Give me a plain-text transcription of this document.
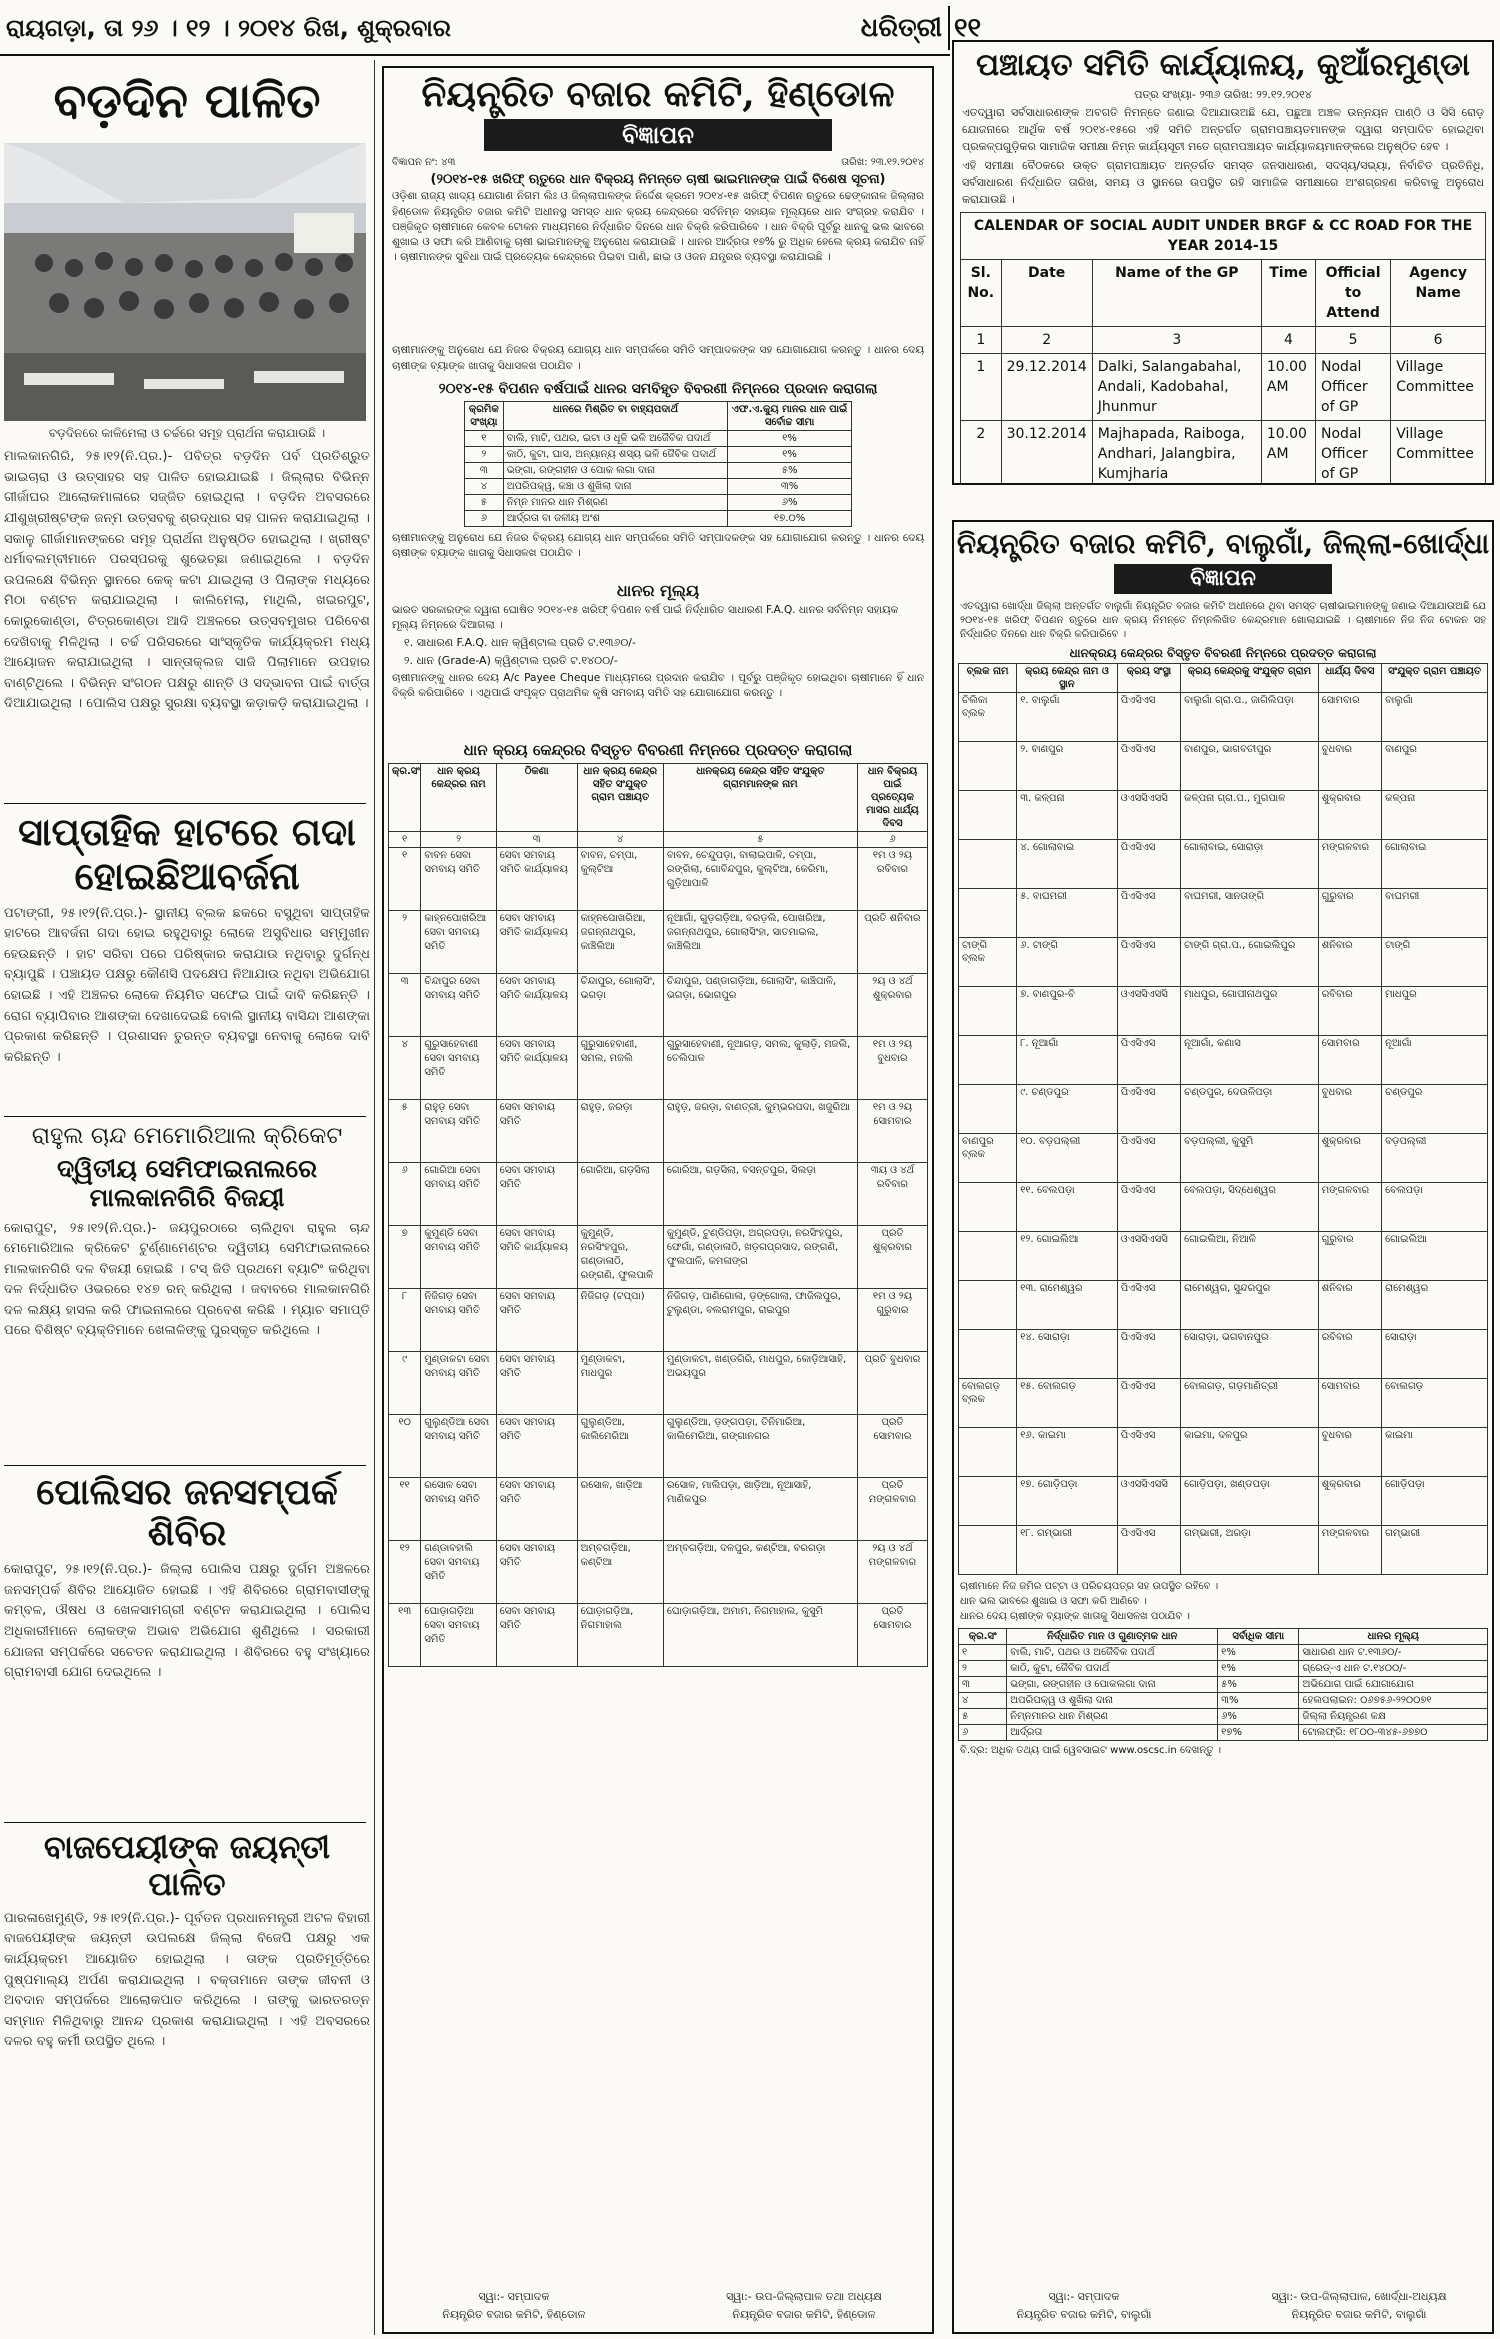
ରାୟଗଡ଼ା, ତା ୨୬ । ୧୨ । ୨୦୧୪ ରିଖ, ଶୁକ୍ରବାର	ଧରିତ୍ରୀ ୧୧
ବଡ଼ଦିନ ପାଳିତ
ବଡ଼ଦିନରେ କାଳିମେଲା ଓ ଚର୍ଚ୍ଚରେ ସମୂହ ପ୍ରାର୍ଥନା କରାଯାଉଛି ।
ମାଲକାନଗିରି, ୨୫।୧୨(ନି.ପ୍ର.)- ପବିତ୍ର ବଡ଼ଦିନ ପର୍ବ ପ୍ରତିଶ୍ରୁତ ଭାଇଚାରା ଓ ଉତ୍ସାହର ସହ ପାଳିତ ହୋଇଯାଇଛି । ଜିଲ୍ଲାର ବିଭିନ୍ନ ଗୀର୍ଜାଘର ଆଲୋକମାଳାରେ ସଜ୍ଜିତ ହୋଇଥିଲା । ବଡ଼ଦିନ ଅବସରରେ ଯୀଶୁଖ୍ରୀଷ୍ଟଙ୍କ ଜନ୍ମ ଉତ୍ସବକୁ ଶ୍ରଦ୍ଧାର ସହ ପାଳନ କରାଯାଇଥିଲା । ସକାଳୁ ଗୀର୍ଜାମାନଙ୍କରେ ସମୂହ ପ୍ରାର୍ଥନା ଅନୁଷ୍ଠିତ ହୋଇଥିଲା । ଖ୍ରୀଷ୍ଟ ଧର୍ମାବଲମ୍ବୀମାନେ ପରସ୍ପରକୁ ଶୁଭେଚ୍ଛା ଜଣାଇଥିଲେ । ବଡ଼ଦିନ ଉପଲକ୍ଷେ ବିଭିନ୍ନ ସ୍ଥାନରେ କେକ୍ କଟା ଯାଇଥିଲା ଓ ପିଲାଙ୍କ ମଧ୍ୟରେ ମିଠା ବଣ୍ଟନ କରାଯାଇଥିଲା । କାଲିମେଲା, ମାଥିଲି, ଖଇରପୁଟ, କୋରୁକୋଣ୍ଡା, ଚିତ୍ରକୋଣ୍ଡା ଆଦି ଅଞ୍ଚଳରେ ଉତ୍ସବମୁଖର ପରିବେଶ ଦେଖିବାକୁ ମିଳିଥିଲା । ଚର୍ଚ୍ଚ ପରିସରରେ ସାଂସ୍କୃତିକ କାର୍ଯ୍ୟକ୍ରମ ମଧ୍ୟ ଆୟୋଜନ କରାଯାଇଥିଲା । ସାନ୍ତାକ୍ଲଜ ସାଜି ପିଲାମାନେ ଉପହାର ବାଣ୍ଟିଥିଲେ । ବିଭିନ୍ନ ସଂଗଠନ ପକ୍ଷରୁ ଶାନ୍ତି ଓ ସଦ୍ଭାବନା ପାଇଁ ବାର୍ତ୍ତା ଦିଆଯାଇଥିଲା । ପୋଲିସ ପକ୍ଷରୁ ସୁରକ୍ଷା ବ୍ୟବସ୍ଥା କଡ଼ାକଡ଼ି କରାଯାଇଥିଲା ।
ସାପ୍ତାହିକ ହାଟରେ ଗଦା ହୋଇଛିଆବର୍ଜନା
ପଟାଙ୍ଗୀ, ୨୫।୧୨(ନି.ପ୍ର.)- ସ୍ଥାନୀୟ ବ୍ଲକ ଛକରେ ବସୁଥିବା ସାପ୍ତାହିକ ହାଟରେ ଆବର୍ଜନା ଗଦା ହୋଇ ରହୁଥିବାରୁ ଲୋକେ ଅସୁବିଧାର ସମ୍ମୁଖୀନ ହେଉଛନ୍ତି । ହାଟ ସରିବା ପରେ ପରିଷ୍କାର କରାଯାଉ ନଥିବାରୁ ଦୁର୍ଗନ୍ଧ ବ୍ୟାପୁଛି । ପଞ୍ଚାୟତ ପକ୍ଷରୁ କୌଣସି ପଦକ୍ଷେପ ନିଆଯାଉ ନଥିବା ଅଭିଯୋଗ ହୋଇଛି । ଏହି ଅଞ୍ଚଳର ଲୋକେ ନିୟମିତ ସଫେଇ ପାଇଁ ଦାବି କରିଛନ୍ତି । ରୋଗ ବ୍ୟାପିବାର ଆଶଙ୍କା ଦେଖାଦେଇଛି ବୋଲି ସ୍ଥାନୀୟ ବାସିନ୍ଦା ଆଶଙ୍କା ପ୍ରକାଶ କରିଛନ୍ତି । ପ୍ରଶାସନ ତୁରନ୍ତ ବ୍ୟବସ୍ଥା ନେବାକୁ ଲୋକେ ଦାବି କରିଛନ୍ତି ।
ରାହୁଲ ଚାନ୍ଦ ମେମୋରିଆଲ କ୍ରିକେଟ
ଦ୍ୱିତୀୟ ସେମିଫାଇନାଲରେ ମାଲକାନଗିରି ବିଜୟୀ
କୋରାପୁଟ, ୨୫।୧୨(ନି.ପ୍ର.)- ଜୟପୁରଠାରେ ଚାଲିଥିବା ରାହୁଲ ଚାନ୍ଦ ମେମୋରିଆଲ କ୍ରିକେଟ ଟୁର୍ଣ୍ଣାମେଣ୍ଟର ଦ୍ୱିତୀୟ ସେମିଫାଇନାଲରେ ମାଲକାନଗିରି ଦଳ ବିଜୟୀ ହୋଇଛି । ଟସ୍ ଜିତି ପ୍ରଥମେ ବ୍ୟାଟିଂ କରିଥିବା ଦଳ ନିର୍ଦ୍ଧାରିତ ଓଭରରେ ୧୪୭ ରନ୍ କରିଥିଲା । ଜବାବରେ ମାଲକାନଗିରି ଦଳ ଲକ୍ଷ୍ୟ ହାସଲ କରି ଫାଇନାଲରେ ପ୍ରବେଶ କରିଛି । ମ୍ୟାଚ ସମାପ୍ତି ପରେ ବିଶିଷ୍ଟ ବ୍ୟକ୍ତିମାନେ ଖେଳାଳିଙ୍କୁ ପୁରସ୍କୃତ କରିଥିଲେ ।
ପୋଲିସର ଜନସମ୍ପର୍କ ଶିବିର
କୋରାପୁଟ, ୨୫।୧୨(ନି.ପ୍ର.)- ଜିଲ୍ଲା ପୋଲିସ ପକ୍ଷରୁ ଦୁର୍ଗମ ଅଞ୍ଚଳରେ ଜନସମ୍ପର୍କ ଶିବିର ଆୟୋଜିତ ହୋଇଛି । ଏହି ଶିବିରରେ ଗ୍ରାମବାସୀଙ୍କୁ କମ୍ବଳ, ଔଷଧ ଓ ଖେଳସାମଗ୍ରୀ ବଣ୍ଟନ କରାଯାଇଥିଲା । ପୋଲିସ ଅଧିକାରୀମାନେ ଲୋକଙ୍କ ଅଭାବ ଅଭିଯୋଗ ଶୁଣିଥିଲେ । ସରକାରୀ ଯୋଜନା ସମ୍ପର୍କରେ ସଚେତନ କରାଯାଇଥିଲା । ଶିବିରରେ ବହୁ ସଂଖ୍ୟାରେ ଗ୍ରାମବାସୀ ଯୋଗ ଦେଇଥିଲେ ।
ବାଜପେୟୀଙ୍କ ଜୟନ୍ତୀ ପାଳିତ
ପାରଳାଖେମୁଣ୍ଡି, ୨୫।୧୨(ନି.ପ୍ର.)- ପୂର୍ବତନ ପ୍ରଧାନମନ୍ତ୍ରୀ ଅଟଳ ବିହାରୀ ବାଜପେୟୀଙ୍କ ଜୟନ୍ତୀ ଉପଲକ୍ଷେ ଜିଲ୍ଲା ବିଜେପି ପକ୍ଷରୁ ଏକ କାର୍ଯ୍ୟକ୍ରମ ଆୟୋଜିତ ହୋଇଥିଲା । ତାଙ୍କ ପ୍ରତିମୂର୍ତ୍ତିରେ ପୁଷ୍ପମାଲ୍ୟ ଅର୍ପଣ କରାଯାଇଥିଲା । ବକ୍ତାମାନେ ତାଙ୍କ ଜୀବନୀ ଓ ଅବଦାନ ସମ୍ପର୍କରେ ଆଲୋକପାତ କରିଥିଲେ । ତାଙ୍କୁ ଭାରତରତ୍ନ ସମ୍ମାନ ମିଳିଥିବାରୁ ଆନନ୍ଦ ପ୍ରକାଶ କରାଯାଇଥିଲା । ଏହି ଅବସରରେ ଦଳର ବହୁ କର୍ମୀ ଉପସ୍ଥିତ ଥିଲେ ।
ନିୟନ୍ତ୍ରିତ ବଜାର କମିଟି, ହିଣ୍ଡୋଳ
ବିଜ୍ଞାପନ
ବିଜ୍ଞାପନ ନଂ: ୪୩	ତାରିଖ: ୨୩.୧୨.୨୦୧୪
(୨୦୧୪-୧୫ ଖରିଫ୍ ଋତୁରେ ଧାନ ବିକ୍ରୟ ନିମନ୍ତେ ଚାଷୀ ଭାଇମାନଙ୍କ ପାଇଁ ବିଶେଷ ସୂଚନା)
ଓଡ଼ିଶା ରାଜ୍ୟ ଖାଦ୍ୟ ଯୋଗାଣ ନିଗମ ଲିଃ ଓ ଜିଲ୍ଲାପାଳଙ୍କ ନିର୍ଦ୍ଦେଶ କ୍ରମେ ୨୦୧୪-୧୫ ଖରିଫ୍ ବିପଣନ ଋତୁରେ ଢେଙ୍କାନାଳ ଜିଲ୍ଲାର ହିଣ୍ଡୋଳ ନିୟନ୍ତ୍ରିତ ବଜାର କମିଟି ଅଧୀନସ୍ଥ ସମସ୍ତ ଧାନ କ୍ରୟ କେନ୍ଦ୍ରରେ ସର୍ବନିମ୍ନ ସହାୟକ ମୂଲ୍ୟରେ ଧାନ ସଂଗ୍ରହ କରାଯିବ । ପଞ୍ଜିକୃତ ଚାଷୀମାନେ କେବଳ ଟୋକନ ମାଧ୍ୟମରେ ନିର୍ଦ୍ଧାରିତ ଦିନରେ ଧାନ ବିକ୍ରି କରିପାରିବେ । ଧାନ ବିକ୍ରି ପୂର୍ବରୁ ଧାନକୁ ଭଲ ଭାବରେ ଶୁଖାଇ ଓ ସଫା କରି ଆଣିବାକୁ ଚାଷୀ ଭାଇମାନଙ୍କୁ ଅନୁରୋଧ କରାଯାଉଛି । ଧାନର ଆର୍ଦ୍ରତା ୧୭% ରୁ ଅଧିକ ହେଲେ କ୍ରୟ କରାଯିବ ନାହିଁ । ଚାଷୀମାନଙ୍କ ସୁବିଧା ପାଇଁ ପ୍ରତ୍ୟେକ କେନ୍ଦ୍ରରେ ପିଇବା ପାଣି, ଛାଇ ଓ ଓଜନ ଯନ୍ତ୍ରର ବ୍ୟବସ୍ଥା କରାଯାଇଛି ।
ଚାଷୀମାନଙ୍କୁ ଅନୁରୋଧ ଯେ ନିଜର ବିକ୍ରୟ ଯୋଗ୍ୟ ଧାନ ସମ୍ପର୍କରେ ସମିତି ସମ୍ପାଦକଙ୍କ ସହ ଯୋଗାଯୋଗ କରନ୍ତୁ । ଧାନର ଦେୟ ଚାଷୀଙ୍କ ବ୍ୟାଙ୍କ ଖାତାକୁ ସିଧାସଳଖ ପଠାଯିବ ।
୨୦୧୪-୧୫ ବିପଣନ ବର୍ଷପାଇଁ ଧାନର ସମବିହୃତ ବିବରଣୀ ନିମ୍ନରେ ପ୍ରଦାନ କରାଗଲା
କ୍ରମିକ ସଂଖ୍ୟା	ଧାନରେ ମିଶ୍ରିତ ବା ବାହ୍ୟପଦାର୍ଥ	ଏଫ.ଏ.କ୍ୟୁ ମାନର ଧାନ ପାଇଁ ସର୍ବୋଚ୍ଚ ସୀମା
୧	ବାଲି, ମାଟି, ପଥର, ଇଟା ଓ ଧୂଳି ଭଳି ଅଜୈବିକ ପଦାର୍ଥ	୧%
୨	କାଠି, କୁଟା, ଘାସ, ଅନ୍ୟାନ୍ୟ ଶସ୍ୟ ଭଳି ଜୈବିକ ପଦାର୍ଥ	୧%
୩	ଭଙ୍ଗା, ରଙ୍ଗହୀନ ଓ ପୋକ ଲଗା ଦାନା	୫%
୪	ଅପରିପକ୍ୱ, କଞ୍ଚା ଓ ଶୁଖିଲା ଦାନା	୩%
୫	ନିମ୍ନ ମାନର ଧାନ ମିଶ୍ରଣ	୬%
୬	ଆର୍ଦ୍ରତା ବା ଜଳୀୟ ଅଂଶ	୧୭.୦%
ଚାଷୀମାନଙ୍କୁ ଅନୁରୋଧ ଯେ ନିଜର ବିକ୍ରୟ ଯୋଗ୍ୟ ଧାନ ସମ୍ପର୍କରେ ସମିତି ସମ୍ପାଦକଙ୍କ ସହ ଯୋଗାଯୋଗ କରନ୍ତୁ । ଧାନର ଦେୟ ଚାଷୀଙ୍କ ବ୍ୟାଙ୍କ ଖାତାକୁ ସିଧାସଳଖ ପଠାଯିବ ।
ଧାନର ମୂଲ୍ୟ
ଭାରତ ସରକାରଙ୍କ ଦ୍ୱାରା ଘୋଷିତ ୨୦୧୪-୧୫ ଖରିଫ୍ ବିପଣନ ବର୍ଷ ପାଇଁ ନିର୍ଦ୍ଧାରିତ ସାଧାରଣ F.A.Q. ଧାନର ସର୍ବନିମ୍ନ ସହାୟକ ମୂଲ୍ୟ ନିମ୍ନରେ ଦିଆଗଲା ।
୧. ସାଧାରଣ F.A.Q. ଧାନ କ୍ୱିଣ୍ଟାଲ ପ୍ରତି ଟ.୧୩୬୦/-
୨. ଧାନ (Grade-A) କ୍ୱିଣ୍ଟାଲ ପ୍ରତି ଟ.୧୪୦୦/-
ଚାଷୀମାନଙ୍କୁ ଧାନର ଦେୟ A/c Payee Cheque ମାଧ୍ୟମରେ ପ୍ରଦାନ କରାଯିବ । ପୂର୍ବରୁ ପଞ୍ଜିକୃତ ହୋଇଥିବା ଚାଷୀମାନେ ହିଁ ଧାନ ବିକ୍ରି କରିପାରିବେ । ଏଥିପାଇଁ ସଂପୃକ୍ତ ପ୍ରାଥମିକ କୃଷି ସମବାୟ ସମିତି ସହ ଯୋଗାଯୋଗ କରନ୍ତୁ ।
ଧାନ କ୍ରୟ କେନ୍ଦ୍ରର ବିସ୍ତୃତ ବିବରଣୀ ନିମ୍ନରେ ପ୍ରଦତ୍ତ କରାଗଲା
କ୍ର.ସଂ	ଧାନ କ୍ରୟ କେନ୍ଦ୍ରର ନାମ	ଠିକଣା	ଧାନ କ୍ରୟ କେନ୍ଦ୍ର ସହିତ ସଂଯୁକ୍ତ ଗ୍ରାମ ପଞ୍ଚାୟତ	ଧାନକ୍ରୟ କେନ୍ଦ୍ର ସହିତ ସଂଯୁକ୍ତ ଗ୍ରାମମାନଙ୍କ ନାମ	ଧାନ ବିକ୍ରୟ ପାଇଁ ପ୍ରତ୍ୟେକ ମାସର ଧାର୍ଯ୍ୟ ଦିବସ
୧	୨	୩	୪	୫	୬
୧	ବାବନ ସେବା ସମବାୟ ସମିତି	ସେବା ସମବାୟ ସମିତି କାର୍ଯ୍ୟାଳୟ	ବାବନ, ଚମ୍ପା, କୁଲ୍ଟିଆ	ବାବନ, ଚେନ୍ଦୁପଡ଼ା, ବାଲାଇପାଳି, ଚମ୍ପା, ରଙ୍ଗିଲା, ଗୋବିନ୍ଦପୁର, କୁଲ୍ଟିଆ, କେରିମା, ଗୁଡ଼ିଆପାଳି	୧ମ ଓ ୨ୟ ରବିବାର
୨	କାହ୍ନପୋଖରିଆ ସେବା ସମବାୟ ସମିତି	ସେବା ସମବାୟ ସମିତି କାର୍ଯ୍ୟାଳୟ	କାହ୍ନପୋଖରିଆ, ଜଗନ୍ନାଥପୁର, କାଞ୍ଚିଲିଆ	ନୂଆଗାଁ, ଗୁଡ଼ଗଡ଼ିଆ, ବରଡ଼ଲି, ପୋଖରିଆ, ଜଗନ୍ନାଥପୁର, ଗୋଲାସିଂହା, ସାତମାଇଲ, କାଞ୍ଚିଲିଆ	ପ୍ରତି ଶନିବାର
୩	ଚିନ୍ଦାପୁର ସେବା ସମବାୟ ସମିତି	ସେବା ସମବାୟ ସମିତି କାର୍ଯ୍ୟାଳୟ	ଚିନ୍ଦାପୁର, ଗୋଲାସିଂ, ଭଗଡ଼ା	ଚିନ୍ଦାପୁର, ପଣ୍ଡାଗଡ଼ିଆ, ଗୋଲାସିଂ, କାଞ୍ଚିପାଳି, ଭଗଡ଼ା, ଭୋଗପୁର	୨ୟ ଓ ୪ର୍ଥ ଶୁକ୍ରବାର
୪	ଗୁରୁସାହେବାଣୀ ସେବା ସମବାୟ ସମିତି	ସେବା ସମବାୟ ସମିତି କାର୍ଯ୍ୟାଳୟ	ଗୁରୁସାହେବାଣୀ, ସମଲ, ମଜଲି	ଗୁରୁସାହେବାଣୀ, ନୂଆଗଡ଼, ସମଲ, କୁଲାଡ଼ି, ମଜଲି, ତେଲିପାଳ	୧ମ ଓ ୨ୟ ବୁଧବାର
୫	ରାହୁଡ଼ ସେବା ସମବାୟ ସମିତି	ସେବା ସମବାୟ ସମିତି	ରାହୁଡ଼, ଜରଡ଼ା	ରାହୁଡ଼, ଜରଡ଼ା, ବାଣତ୍ରୀ, କୁମ୍ଭରପଦା, ଖଜୁରିଆ	୧ମ ଓ ୨ୟ ସୋମବାର
୬	ଗୋରିଆ ସେବା ସମବାୟ ସମିତି	ସେବା ସମବାୟ ସମିତି	ଗୋରିଆ, ଗଡ଼ସିଲା	ଗୋରିଆ, ଗଡ଼ସିଲା, ବସନ୍ତପୁର, ସିଲଡ଼ା	୩ୟ ଓ ୪ର୍ଥ ରବିବାର
୭	କୁମୁଣ୍ଡି ସେବା ସମବାୟ ସମିତି	ସେବା ସମବାୟ ସମିତି କାର୍ଯ୍ୟାଳୟ	କୁମୁଣ୍ଡି, ନରସିଂହପୁର, ଗଣ୍ଡାଳାଠି, ରଙ୍ଗଣି, ଫୁଲପାଳି	କୁମୁଣ୍ଡି, ଟୁଣ୍ଡିପଡ଼ା, ଅଗ୍ରପଡ଼ା, ନରସିଂହପୁର, ଫେଗାଁ, ଗଣ୍ଡାଳାଠି, ଖଡ଼ଗପ୍ରସାଦ, ରଙ୍ଗଣି, ଫୁଲପାଳି, କମଳାଙ୍ଗ	ପ୍ରତି ଶୁକ୍ରବାର
୮	ନିଜିଗଡ଼ ସେବା ସମବାୟ ସମିତି	ସେବା ସମବାୟ ସମିତି	ନିଜିଗଡ଼ (ଟପ୍ପା)	ନିଜିଗଡ଼, ପାଣିଗୋଳା, ଡ଼ଙ୍ଗୋଲା, ଫାଜିଲପୁର, ଟୁଲୁଣ୍ଡା, ବଲରାମପୁର, ରାଇପୁର	୧ମ ଓ ୨ୟ ଗୁରୁବାର
୯	ମୁଣ୍ଡାକଟା ସେବା ସମବାୟ ସମିତି	ସେବା ସମବାୟ ସମିତି	ମୁଣ୍ଡାକଟା, ମାଧପୁର	ମୁଣ୍ଡାକଟା, ଖଣ୍ଡଗିରି, ମାଧପୁର, କୋଡ଼ିଆସାହି, ଅଭୟପୁର	ପ୍ରତି ବୁଧବାର
୧୦	ଗୁଲୁଣ୍ଡିଆ ସେବା ସମବାୟ ସମିତି	ସେବା ସମବାୟ ସମିତି	ଗୁଲୁଣ୍ଡିଆ, କାଲିମେରିଆ	ଗୁଲୁଣ୍ଡିଆ, ଡ଼ଙ୍ଗପଡ଼ା, ତିନିମାରିଆ, କାଲିମେରିଆ, ଗଙ୍ଗାନଗର	ପ୍ରତି ସୋମବାର
୧୧	ରସୋଳ ସେବା ସମବାୟ ସମିତି	ସେବା ସମବାୟ ସମିତି	ରସୋଳ, ଖାଡ଼ିଆ	ରସୋଳ, ମାଲିପଡ଼ା, ଖାଡ଼ିଆ, ନୂଆସାହି, ମାଣିକପୁର	ପ୍ରତି ମଙ୍ଗଳବାର
୧୨	ଗଣ୍ଡାବହାଲି ସେବା ସମବାୟ ସମିତି	ସେବା ସମବାୟ ସମିତି	ଅମ୍ବଗଡ଼ିଆ, କଣ୍ଟିଆ	ଅମ୍ବଗଡ଼ିଆ, ଦଳପୁର, କଣ୍ଟିଆ, ବରଗଡ଼ା	୨ୟ ଓ ୪ର୍ଥ ମଙ୍ଗଳବାର
୧୩	ଘୋଡ଼ାଗଡ଼ିଆ ସେବା ସମବାୟ ସମିତି	ସେବା ସମବାୟ ସମିତି	ଘୋଡ଼ାଗଡ଼ିଆ, ନିଗମାହାଲ	ଘୋଡ଼ାଗଡ଼ିଆ, ଅମାମ, ନିଗମାହାଲ, କୁସୁମି	ପ୍ରତି ସୋମବାର
ସ୍ୱା:- ସମ୍ପାଦକ
ନିୟନ୍ତ୍ରିତ ବଜାର କମିଟି, ହିଣ୍ଡୋଳ
ସ୍ୱା:- ଉପ-ଜିଲ୍ଲାପାଳ ତଥା ଅଧ୍ୟକ୍ଷ
ନିୟନ୍ତ୍ରିତ ବଜାର କମିଟି, ହିଣ୍ଡୋଳ
ପଞ୍ଚାୟତ ସମିତି କାର୍ଯ୍ୟାଳୟ, କୁଆଁରମୁଣ୍ଡା
ପତ୍ର ସଂଖ୍ୟା- ୨୩୬ ତାରିଖ: ୨୨.୧୨.୨୦୧୪
ଏତଦ୍ୱାରା ସର୍ବସାଧାରଣଙ୍କ ଅବଗତି ନିମନ୍ତେ ଜଣାଇ ଦିଆଯାଉଅଛି ଯେ, ପଛୁଆ ଅଞ୍ଚଳ ଉନ୍ନୟନ ପାଣ୍ଠି ଓ ସିସି ରୋଡ଼ ଯୋଜନାରେ ଆର୍ଥିକ ବର୍ଷ ୨୦୧୪-୧୫ରେ ଏହି ସମିତି ଅନ୍ତର୍ଗତ ଗ୍ରାମପଞ୍ଚାୟତମାନଙ୍କ ଦ୍ୱାରା ସମ୍ପାଦିତ ହୋଇଥିବା ପ୍ରକଳ୍ପଗୁଡ଼ିକର ସାମାଜିକ ସମୀକ୍ଷା ନିମ୍ନ କାର୍ଯ୍ୟସୂଚୀ ମତେ ଗ୍ରାମପଞ୍ଚାୟତ କାର୍ଯ୍ୟାଳୟମାନଙ୍କରେ ଅନୁଷ୍ଠିତ ହେବ ।
ଏହି ସମୀକ୍ଷା ବୈଠକରେ ଉକ୍ତ ଗ୍ରାମପଞ୍ଚାୟତ ଅନ୍ତର୍ଗତ ସମସ୍ତ ଜନସାଧାରଣ, ସଦସ୍ୟ/ସଭ୍ୟା, ନିର୍ବାଚିତ ପ୍ରତିନିଧି, ସର୍ବସାଧାରଣ ନିର୍ଦ୍ଧାରିତ ତାରିଖ, ସମୟ ଓ ସ୍ଥାନରେ ଉପସ୍ଥିତ ରହି ସାମାଜିକ ସମୀକ୍ଷାରେ ଅଂଶଗ୍ରହଣ କରିବାକୁ ଅନୁରୋଧ କରାଯାଉଛି ।
CALENDAR OF SOCIAL AUDIT UNDER BRGF & CC ROAD FOR THE YEAR 2014-15					
Sl. No.	Date	Name of the GP	Time	Official to Attend	Agency Name
1	2	3	4	5	6
1	29.12.2014	Dalki, Salangabahal, Andali, Kadobahal, Jhunmur	10.00 AM	Nodal Officer of GP	Village Committee
2	30.12.2014	Majhapada, Raiboga, Andhari, Jalangbira, Kumjharia	10.00 AM	Nodal Officer of GP	Village Committee

ନିୟନ୍ତ୍ରିତ ବଜାର କମିଟି, ବାଲୁଗାଁ, ଜିଲ୍ଲା-ଖୋର୍ଦ୍ଧା
ବିଜ୍ଞାପନ
ଏତଦ୍ୱାରା ଖୋର୍ଦ୍ଧା ଜିଲ୍ଲା ଅନ୍ତର୍ଗତ ବାଲୁଗାଁ ନିୟନ୍ତ୍ରିତ ବଜାର କମିଟି ଅଧୀନରେ ଥିବା ସମସ୍ତ ଚାଷୀଭାଇମାନଙ୍କୁ ଜଣାଇ ଦିଆଯାଉଅଛି ଯେ ୨୦୧୪-୧୫ ଖରିଫ୍ ବିପଣନ ଋତୁରେ ଧାନ କ୍ରୟ ନିମନ୍ତେ ନିମ୍ନଲିଖିତ କେନ୍ଦ୍ରମାନ ଖୋଲାଯାଇଛି । ଚାଷୀମାନେ ନିଜ ନିଜ ଟୋକନ ସହ ନିର୍ଦ୍ଧାରିତ ଦିନରେ ଧାନ ବିକ୍ରି କରିପାରିବେ ।
ଧାନକ୍ରୟ କେନ୍ଦ୍ରର ବିସ୍ତୃତ ବିବରଣୀ ନିମ୍ନରେ ପ୍ରଦତ୍ତ କରାଗଲା
ବ୍ଲକ ନାମ	କ୍ରୟ କେନ୍ଦ୍ର ନାମ ଓ ସ୍ଥାନ	କ୍ରୟ ସଂସ୍ଥା	କ୍ରୟ କେନ୍ଦ୍ରକୁ ସଂଯୁକ୍ତ ଗ୍ରାମ	ଧାର୍ଯ୍ୟ ଦିବସ	ସଂଯୁକ୍ତ ଗ୍ରାମ ପଞ୍ଚାୟତ
ଚିଲିକା ବ୍ଲକ	୧. ବାଲୁଗାଁ	ପିଏସିଏସ	ବାଲୁଗାଁ ଗ୍ରା.ପ., ଜାଗିଲିପଡ଼ା	ସୋମବାର	ବାଲୁଗାଁ
	୨. ବାଣପୁର	ପିଏସିଏସ	ବାଣପୁର, ଭାଗବତୀପୁର	ବୁଧବାର	ବାଣପୁର
	୩. କଳ୍ପନା	ଓଏସସିଏସସି	କଳ୍ପନା ଗ୍ରା.ପ., ମୁଗପାଳ	ଶୁକ୍ରବାର	କଳ୍ପନା
	୪. ଗୋଲାବାଇ	ପିଏସିଏସ	ଗୋଲାବାଇ, ସୋରାଡ଼ା	ମଙ୍ଗଳବାର	ଗୋଲାବାଇ
	୫. ବାଘମରୀ	ପିଏସିଏସ	ବାଘମରୀ, ସାନତାଙ୍ଗି	ଗୁରୁବାର	ବାଘମରୀ
ଟାଙ୍ଗି ବ୍ଲକ	୬. ଟାଙ୍ଗି	ପିଏସିଏସ	ଟାଙ୍ଗି ଗ୍ରା.ପ., ଗୋଇଲିପୁର	ଶନିବାର	ଟାଙ୍ଗି
	୭. ବାଣପୁର-ବି	ଓଏସସିଏସସି	ମାଧପୁର, ଗୋପୀନାଥପୁର	ରବିବାର	ମାଧପୁର
	୮. ନୂଆଗାଁ	ପିଏସିଏସ	ନୂଆଗାଁ, କଣାସ	ସୋମବାର	ନୂଆଗାଁ
	୯. ଚଣ୍ଡପୁର	ପିଏସିଏସ	ଚଣ୍ଡପୁର, ଦେଉଳିପଡ଼ା	ବୁଧବାର	ଚଣ୍ଡପୁର
ବାଣପୁର ବ୍ଲକ	୧୦. ବଡ଼ପଲ୍ଲୀ	ପିଏସିଏସ	ବଡ଼ପଲ୍ଲୀ, କୁସୁମି	ଶୁକ୍ରବାର	ବଡ଼ପଲ୍ଲୀ
	୧୧. ବେଲପଡ଼ା	ପିଏସିଏସ	ବେଲପଡ଼ା, ସିଦ୍ଧେଶ୍ୱର	ମଙ୍ଗଳବାର	ବେଲପଡ଼ା
	୧୨. ଗୋଇଲିଆ	ଓଏସସିଏସସି	ଗୋଇଲିଆ, ନିଆଳି	ଗୁରୁବାର	ଗୋଇଲିଆ
	୧୩. ରାମେଶ୍ୱର	ପିଏସିଏସ	ରାମେଶ୍ୱର, ସୁନ୍ଦରପୁର	ଶନିବାର	ରାମେଶ୍ୱର
	୧୪. ସୋରାଡ଼ା	ପିଏସିଏସ	ସୋରାଡ଼ା, ଭଗବାନପୁର	ରବିବାର	ସୋରାଡ଼ା
ବୋଲଗଡ଼ ବ୍ଲକ	୧୫. ବୋଲଗଡ଼	ପିଏସିଏସ	ବୋଲଗଡ଼, ଗଡ଼ମାଣିତ୍ରୀ	ସୋମବାର	ବୋଲଗଡ଼
	୧୬. କାଇମା	ପିଏସିଏସ	କାଇମା, ଦଳପୁର	ବୁଧବାର	କାଇମା
	୧୭. ଗୋଡ଼ିପଡ଼ା	ଓଏସସିଏସସି	ଗୋଡ଼ିପଡ଼ା, ଖଣ୍ଡପଡ଼ା	ଶୁକ୍ରବାର	ଗୋଡ଼ିପଡ଼ା
	୧୮. ଗମ୍ଭାରୀ	ପିଏସିଏସ	ଗମ୍ଭାରୀ, ଅରଡ଼ା	ମଙ୍ଗଳବାର	ଗମ୍ଭାରୀ
ଚାଷୀମାନେ ନିଜ ଜମିର ପଟ୍ଟା ଓ ପରିଚୟପତ୍ର ସହ ଉପସ୍ଥିତ ରହିବେ ।
ଧାନ ଭଲ ଭାବରେ ଶୁଖାଇ ଓ ସଫା କରି ଆଣିବେ ।
ଧାନର ଦେୟ ଚାଷୀଙ୍କ ବ୍ୟାଙ୍କ ଖାତାକୁ ସିଧାସଳଖ ପଠାଯିବ ।
କ୍ର.ସଂ	ନିର୍ଦ୍ଧାରିତ ମାନ ଓ ଗୁଣାତ୍ମକ ଧାନ	ସର୍ବାଧିକ ସୀମା	ଧାନର ମୂଲ୍ୟ
୧	ବାଲି, ମାଟି, ପଥର ଓ ଅଜୈବିକ ପଦାର୍ଥ	୧%	ସାଧାରଣ ଧାନ ଟ.୧୩୬୦/-
୨	କାଠି, କୁଟା, ଜୈବିକ ପଦାର୍ଥ	୧%	ଗ୍ରେଡ୍-ଏ ଧାନ ଟ.୧୪୦୦/-
୩	ଭଙ୍ଗା, ରଙ୍ଗହୀନ ଓ ପୋକଲଗା ଦାନା	୫%	ଅଭିଯୋଗ ପାଇଁ ଯୋଗାଯୋଗ
୪	ଅପରିପକ୍ୱ ଓ ଶୁଖିଲା ଦାନା	୩%	ହେଲପଲାଇନ: ୦୬୭୫୬-୨୨୦୦୭୧
୫	ନିମ୍ନମାନର ଧାନ ମିଶ୍ରଣ	୬%	ଜିଲ୍ଲା ନିୟନ୍ତ୍ରଣ କକ୍ଷ
୬	ଆର୍ଦ୍ରତା	୧୭%	ଟୋଲଫ୍ରି: ୧୮୦୦-୩୪୫-୬୭୭୦
ବି.ଦ୍ର: ଅଧିକ ତଥ୍ୟ ପାଇଁ ୱେବସାଇଟ www.oscsc.in ଦେଖନ୍ତୁ ।
ସ୍ୱା:- ସମ୍ପାଦକ
ନିୟନ୍ତ୍ରିତ ବଜାର କମିଟି, ବାଲୁଗାଁ
ସ୍ୱା:- ଉପ-ଜିଲ୍ଲାପାଳ, ଖୋର୍ଦ୍ଧା-ଅଧ୍ୟକ୍ଷ
ନିୟନ୍ତ୍ରିତ ବଜାର କମିଟି, ବାଲୁଗାଁ
